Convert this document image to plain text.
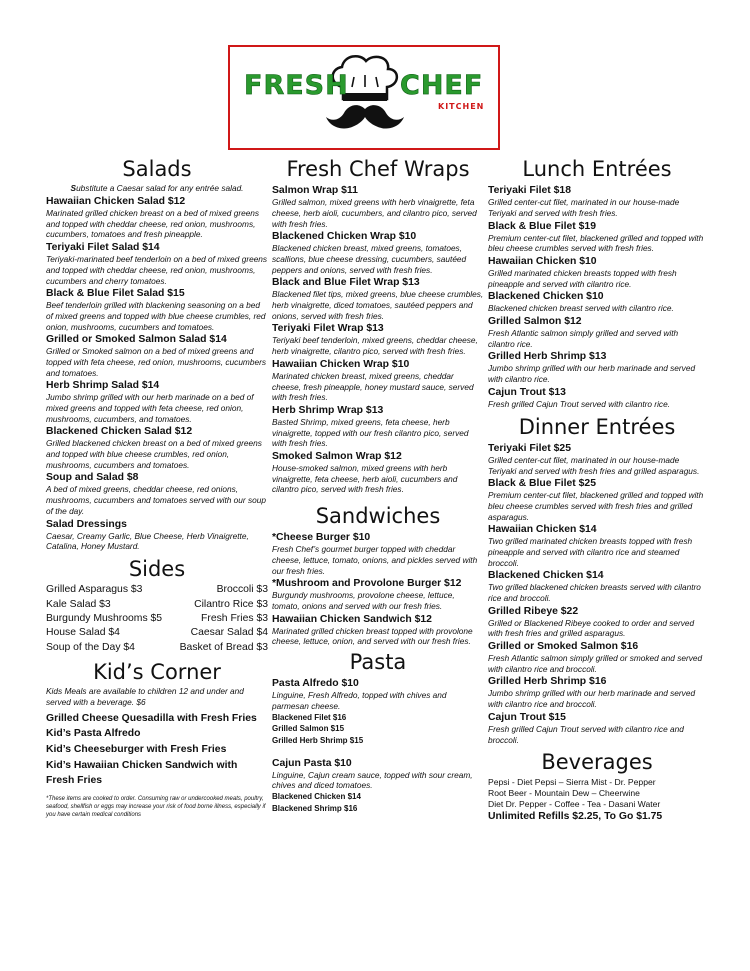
FRESH CHEF
KITCHEN
Salads
Substitute a Caesar salad for any entrée salad.
Hawaiian Chicken Salad $12
Marinated grilled chicken breast on a bed of mixed greens and topped with cheddar cheese, red onion, mushrooms, cucumbers, tomatoes and fresh pineapple.
Teriyaki Filet Salad $14
Teriyaki-marinated beef tenderloin on a bed of mixed greens and topped with cheddar cheese, red onion, mushrooms, cucumbers and cherry tomatoes.
Black & Blue Filet Salad $15
Beef tenderloin grilled with blackening seasoning on a bed of mixed greens and topped with blue cheese crumbles, red onion, mushrooms, cucumbers and tomatoes.
Grilled or Smoked Salmon Salad $14
Grilled or Smoked salmon on a bed of mixed greens and topped with feta cheese, red onion, mushrooms, cucumbers and tomatoes.
Herb Shrimp Salad $14
Jumbo shrimp grilled with our herb marinade on a bed of mixed greens and topped with feta cheese, red onion, mushrooms, cucumbers, and tomatoes.
Blackened Chicken Salad $12
Grilled blackened chicken breast on a bed of mixed greens and topped with blue cheese crumbles, red onion, mushrooms, cucumbers and tomatoes.
Soup and Salad $8
A bed of mixed greens, cheddar cheese, red onions, mushrooms, cucumbers and tomatoes served with our soup of the day.
Salad Dressings
Caesar, Creamy Garlic, Blue Cheese, Herb Vinaigrette, Catalina, Honey Mustard.
Sides
Grilled Asparagus $3	Broccoli $3
Kale Salad $3	Cilantro Rice $3
Burgundy Mushrooms $5	Fresh Fries $3
House Salad $4	Caesar Salad $4
Soup of the Day $4	Basket of Bread $3
Kid’s Corner
Kids Meals are available to children 12 and under and served with a beverage. $6
Grilled Cheese Quesadilla with Fresh Fries
Kid’s Pasta Alfredo
Kid’s Cheeseburger with Fresh Fries
Kid’s Hawaiian Chicken Sandwich with Fresh Fries
*These items are cooked to order. Consuming raw or undercooked meats, poultry, seafood, shellfish or eggs may increase your risk of food borne illness, especially if you have certain medical conditions
Fresh Chef Wraps
Salmon Wrap $11
Grilled salmon, mixed greens with herb vinaigrette, feta cheese, herb aioli, cucumbers, and cilantro pico, served with fresh fries.
Blackened Chicken Wrap $10
Blackened chicken breast, mixed greens, tomatoes, scallions, blue cheese dressing, cucumbers, sautéed peppers and onions, served with fresh fries.
Black and Blue Filet Wrap $13
Blackened filet tips, mixed greens, blue cheese crumbles, herb vinaigrette, diced tomatoes, sautéed peppers and onions, served with fresh fries.
Teriyaki Filet Wrap $13
Teriyaki beef tenderloin, mixed greens, cheddar cheese, herb vinaigrette, cilantro pico, served with fresh fries.
Hawaiian Chicken Wrap $10
Marinated chicken breast, mixed greens, cheddar cheese, fresh pineapple, honey mustard sauce, served with fresh fries.
Herb Shrimp Wrap $13
Basted Shrimp, mixed greens, feta cheese, herb vinaigrette, topped with our fresh cilantro pico, served with fresh fries.
Smoked Salmon Wrap $12
House-smoked salmon, mixed greens with herb vinaigrette, feta cheese, herb aioli, cucumbers and cilantro pico, served with fresh fries.
Sandwiches
*Cheese Burger $10
Fresh Chef’s gourmet burger topped with cheddar cheese, lettuce, tomato, onions, and pickles served with our fresh fries.
*Mushroom and Provolone Burger $12
Burgundy mushrooms, provolone cheese, lettuce, tomato, onions and served with our fresh fries.
Hawaiian Chicken Sandwich $12
Marinated grilled chicken breast topped with provolone cheese, lettuce, onion, and served with our fresh fries.
Pasta
Pasta Alfredo $10
Linguine, Fresh Alfredo, topped with chives and parmesan cheese.
Blackened Filet $16
Grilled Salmon $15
Grilled Herb Shrimp $15
Cajun Pasta $10
Linguine, Cajun cream sauce, topped with sour cream, chives and diced tomatoes.
Blackened Chicken $14
Blackened Shrimp $16
Lunch Entrées
Teriyaki Filet $18
Grilled center-cut filet, marinated in our house-made Teriyaki and served with fresh fries.
Black & Blue Filet $19
Premium center-cut filet, blackened grilled and topped with bleu cheese crumbles served with fresh fries.
Hawaiian Chicken $10
Grilled marinated chicken breasts topped with fresh pineapple and served with cilantro rice.
Blackened Chicken $10
Blackened chicken breast served with cilantro rice.
Grilled Salmon $12
Fresh Atlantic salmon simply grilled and served with cilantro rice.
Grilled Herb Shrimp $13
Jumbo shrimp grilled with our herb marinade and served with cilantro rice.
Cajun Trout $13
Fresh grilled Cajun Trout served with cilantro rice.
Dinner Entrées
Teriyaki Filet $25
Grilled center-cut filet, marinated in our house-made Teriyaki and served with fresh fries and grilled asparagus.
Black & Blue Filet $25
Premium center-cut filet, blackened grilled and topped with bleu cheese crumbles served with fresh fries and grilled asparagus.
Hawaiian Chicken $14
Two grilled marinated chicken breasts topped with fresh pineapple and served with cilantro rice and steamed broccoli.
Blackened Chicken $14
Two grilled blackened chicken breasts served with cilantro rice and broccoli.
Grilled Ribeye $22
Grilled or Blackened Ribeye cooked to order and served with fresh fries and grilled asparagus.
Grilled or Smoked Salmon $16
Fresh Atlantic salmon simply grilled or smoked and served with cilantro rice and broccoli.
Grilled Herb Shrimp $16
Jumbo shrimp grilled with our herb marinade and served with cilantro rice and broccoli.
Cajun Trout $15
Fresh grilled Cajun Trout served with cilantro rice and broccoli.
Beverages
Pepsi - Diet Pepsi – Sierra Mist - Dr. Pepper
Root Beer - Mountain Dew – Cheerwine
Diet Dr. Pepper - Coffee - Tea - Dasani Water
Unlimited Refills $2.25, To Go $1.75
